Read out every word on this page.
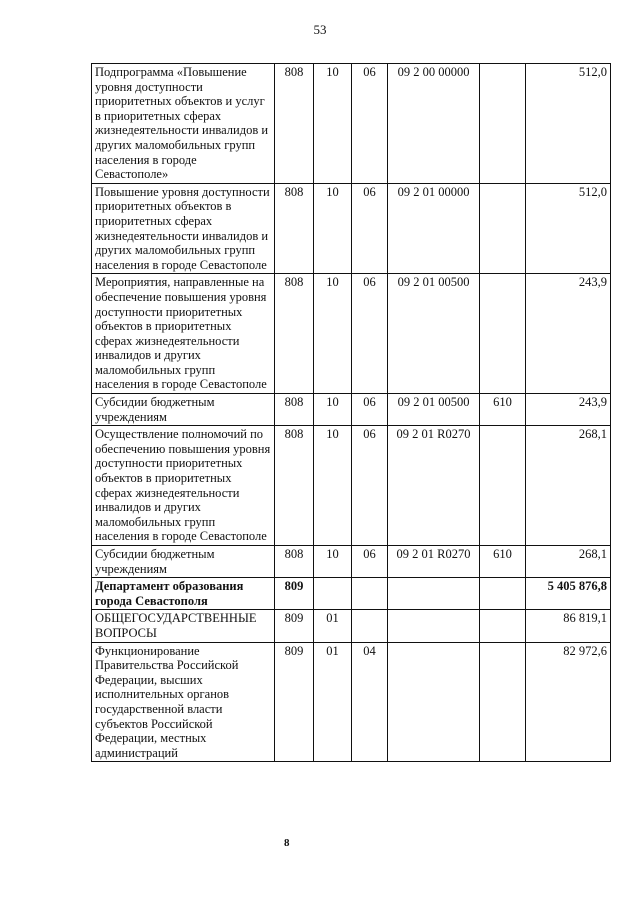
53
Подпрограмма «Повышение уровня доступности приоритетных объектов и услуг в приоритетных сферах жизнедеятельности инвалидов и других маломобильных групп населения в городе Севастополе»	808	10	06	09 2 00 00000		512,0
Повышение уровня доступности приоритетных объектов в приоритетных сферах жизнедеятельности инвалидов и других маломобильных групп населения в городе Севастополе	808	10	06	09 2 01 00000		512,0
Мероприятия, направленные на обеспечение повышения уровня доступности приоритетных объектов в приоритетных сферах жизнедеятельности инвалидов и других маломобильных групп населения в городе Севастополе	808	10	06	09 2 01 00500		243,9
Субсидии бюджетным учреждениям	808	10	06	09 2 01 00500	610	243,9
Осуществление полномочий по обеспечению повышения уровня доступности приоритетных объектов в приоритетных сферах жизнедеятельности инвалидов и других маломобильных групп населения в городе Севастополе	808	10	06	09 2 01 R0270		268,1
Субсидии бюджетным учреждениям	808	10	06	09 2 01 R0270	610	268,1
Департамент образования города Севастополя	809					5 405 876,8
ОБЩЕГОСУДАРСТВЕННЫЕ ВОПРОСЫ	809	01				86 819,1
Функционирование Правительства Российской Федерации, высших исполнительных органов государственной власти субъектов Российской Федерации, местных администраций	809	01	04			82 972,6
8
